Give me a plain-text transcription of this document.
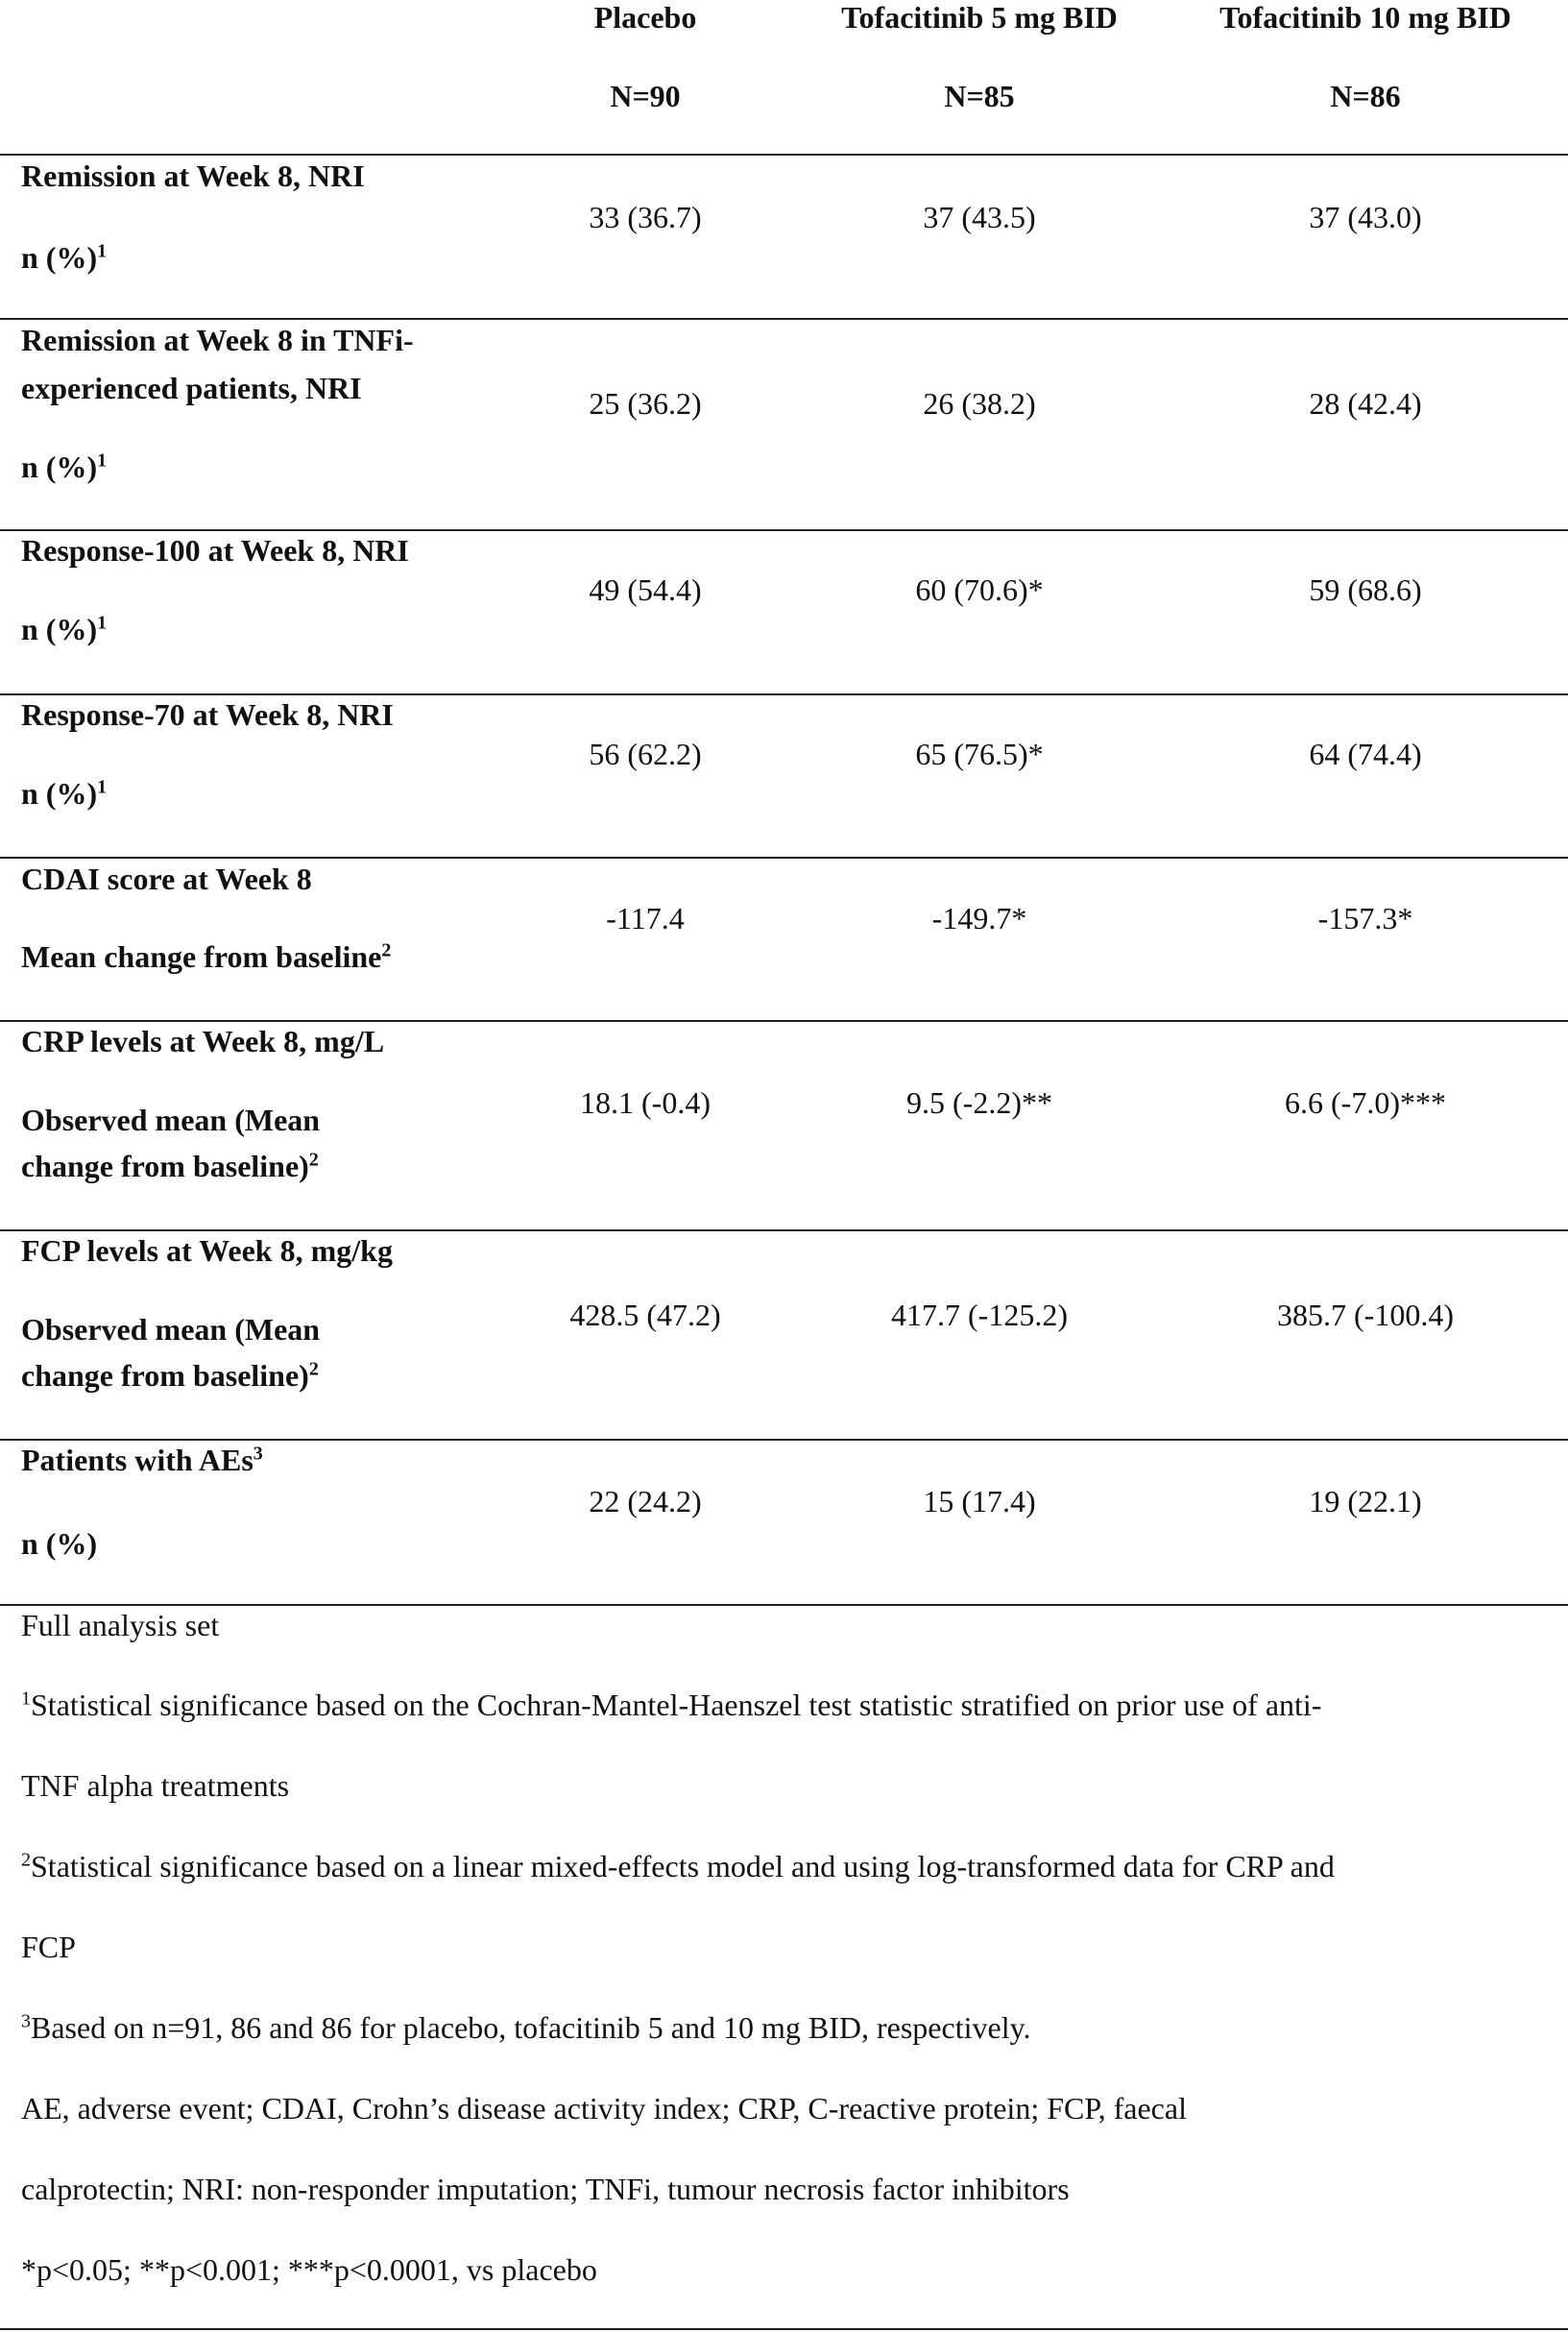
Placebo	Tofacitinib 5 mg BID	Tofacitinib 10 mg BID
N=90	N=85	N=86
Remission at Week 8, NRI
n (%)$^1$
33 (36.7)	37 (43.5)	37 (43.0)
Remission at Week 8 in TNFi-
experienced patients, NRI
n (%)$^1$
25 (36.2)	26 (38.2)	28 (42.4)
Response-100 at Week 8, NRI
n (%)$^1$
49 (54.4)	60 (70.6)*	59 (68.6)
Response-70 at Week 8, NRI
n (%)$^1$
56 (62.2)	65 (76.5)*	64 (74.4)
CDAI score at Week 8
Mean change from baseline$^2$
-117.4	-149.7*	-157.3*
CRP levels at Week 8, mg/L
Observed mean (Mean
change from baseline)$^2$
18.1 (-0.4)	9.5 (-2.2)**	6.6 (-7.0)***
FCP levels at Week 8, mg/kg
Observed mean (Mean
change from baseline)$^2$
428.5 (47.2)	417.7 (-125.2)	385.7 (-100.4)
Patients with AEs$^3$
n (%)
22 (24.2)	15 (17.4)	19 (22.1)
Full analysis set
$^1$Statistical significance based on the Cochran-Mantel-Haenszel test statistic stratified on prior use of anti-
TNF alpha treatments
$^2$Statistical significance based on a linear mixed-effects model and using log-transformed data for CRP and
FCP
$^3$Based on n=91, 86 and 86 for placebo, tofacitinib 5 and 10 mg BID, respectively.
AE, adverse event; CDAI, Crohn’s disease activity index; CRP, C-reactive protein; FCP, faecal
calprotectin; NRI: non-responder imputation; TNFi, tumour necrosis factor inhibitors
*p<0.05; **p<0.001; ***p<0.0001, vs placebo
